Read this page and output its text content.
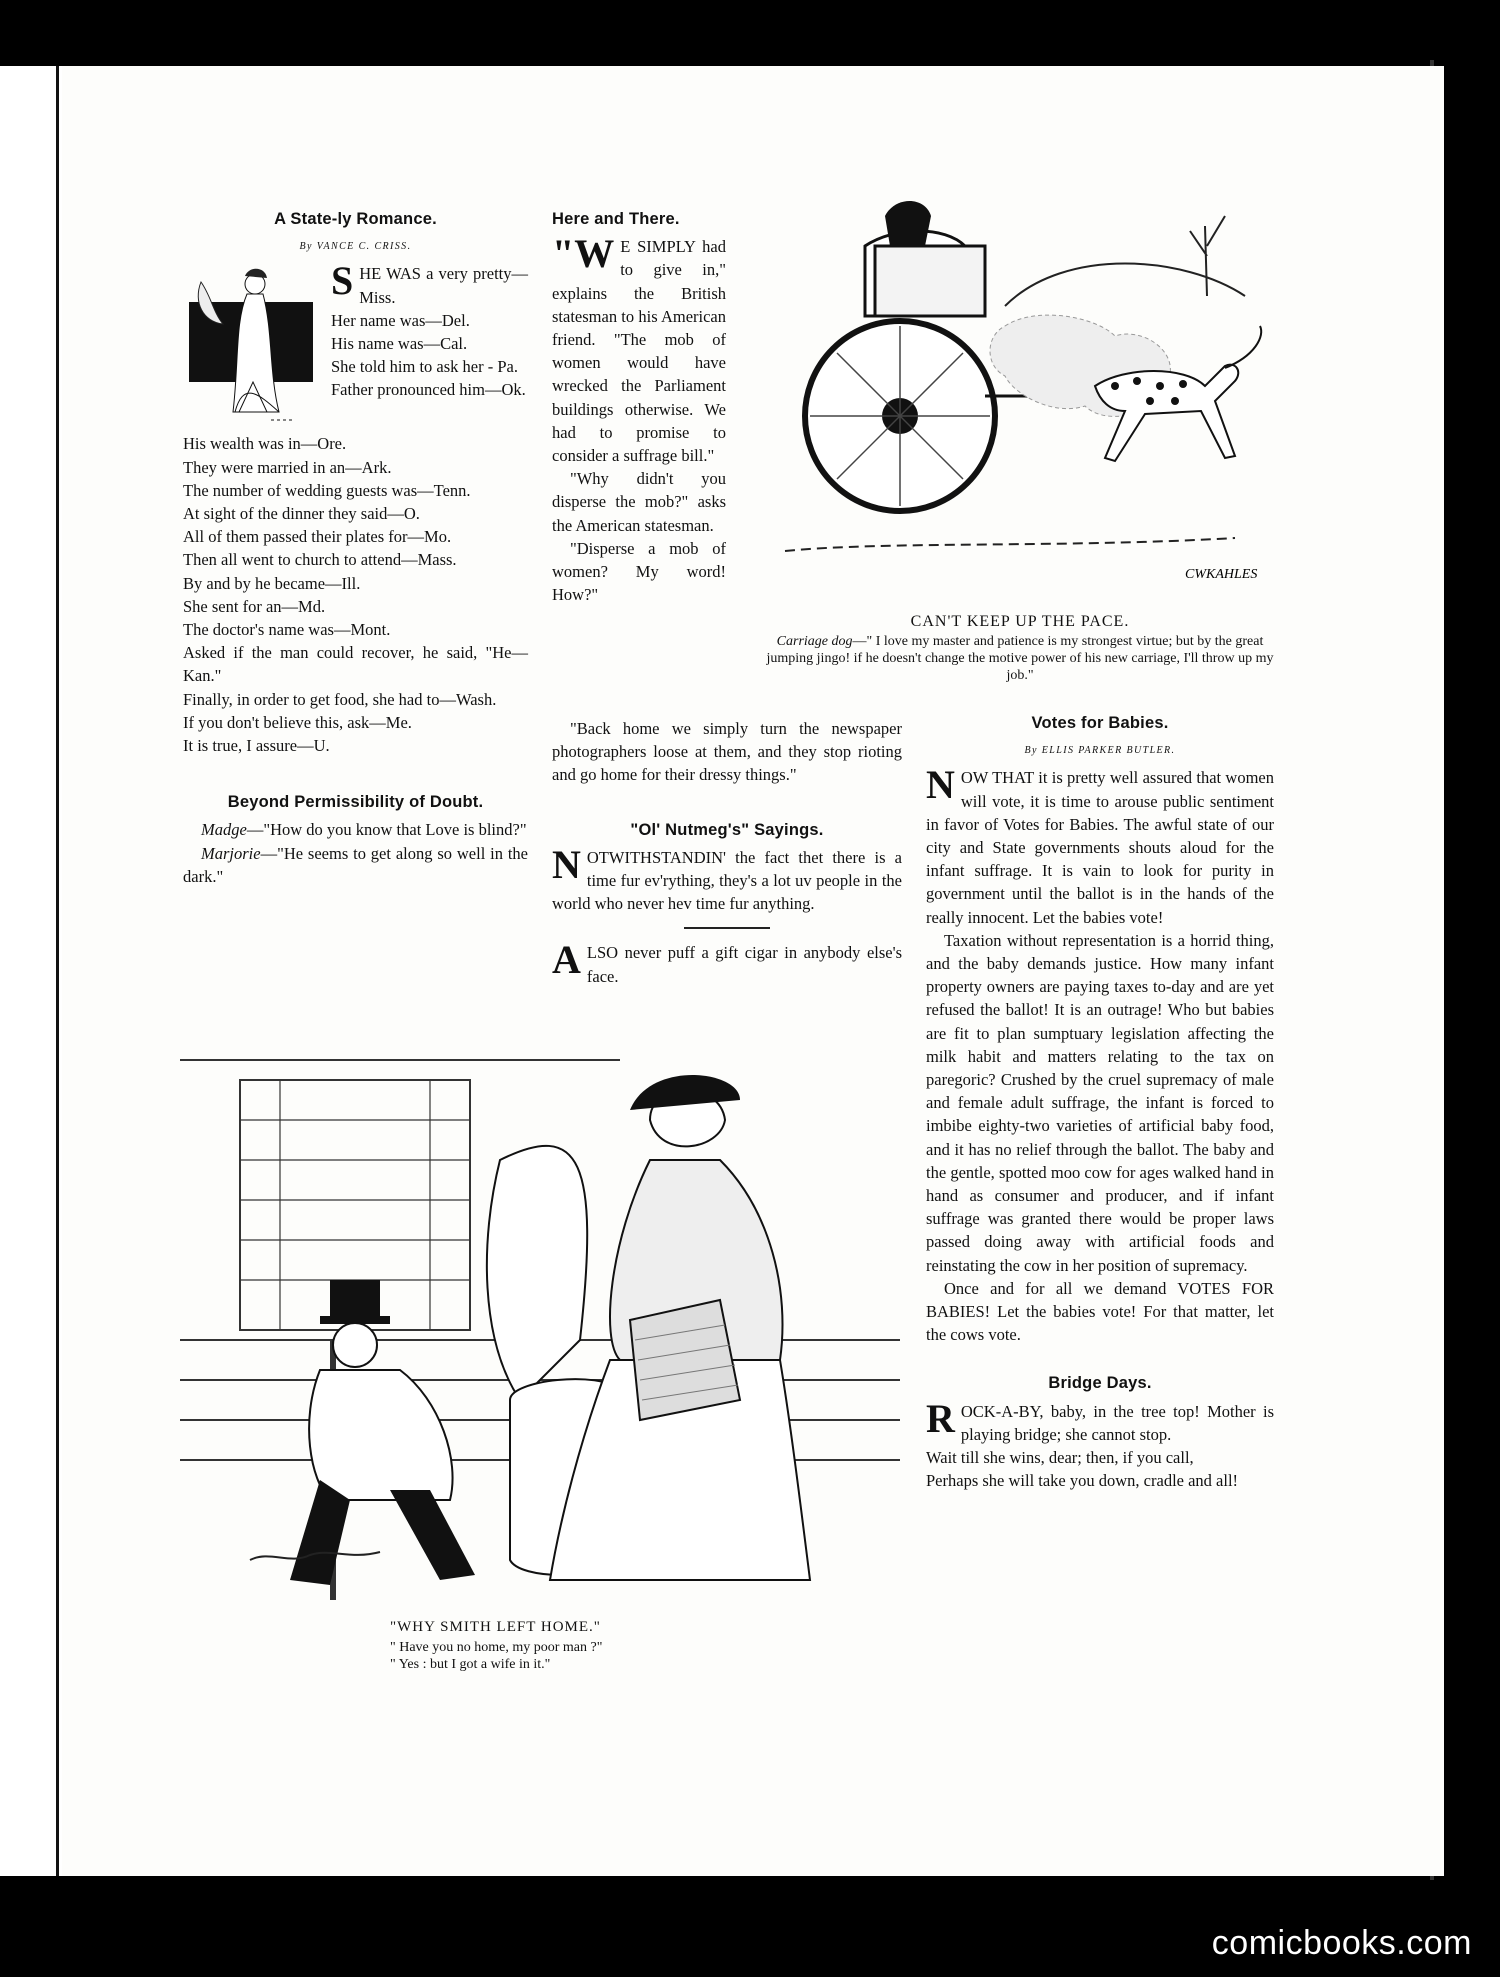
A State-ly Romance.
By VANCE C. CRISS.

SHE WAS a very pretty—Miss.

Her name was—Del.

His name was—Cal.

She told him to ask her - Pa.

Father pronounced him—Ok.

His wealth was in—Ore.

They were married in an—Ark.

The number of wedding guests was—Tenn.

At sight of the dinner they said—O.

All of them passed their plates for—Mo.

Then all went to church to attend—Mass.

By and by he became—Ill.

She sent for an—Md.

The doctor's name was—Mont.

Asked if the man could recover, he said, "He—Kan."

Finally, in order to get food, she had to—Wash.

If you don't believe this, ask—Me.

It is true, I assure—U.

Beyond Permissibility of Doubt.

Madge—"How do you know that Love is blind?"

Marjorie—"He seems to get along so well in the dark."

Here and There.

"W E SIMPLY had to give in," explains the British statesman to his American friend. "The mob of women would have wrecked the Parliament buildings otherwise. We had to promise to consider a suffrage bill."

"Why didn't you disperse the mob?" asks the American statesman.

"Disperse a mob of women? My word! How?"

"Back home we simply turn the newspaper photographers loose at them, and they stop rioting and go home for their dressy things."

"Ol' Nutmeg's" Sayings.

NOTWITHSTANDIN' the fact thet there is a time fur ev'rything, they's a lot uv people in the world who never hev time fur anything.

ALSO never puff a gift cigar in anybody else's face.

CWKAHLES
CAN'T KEEP UP THE PACE.
Carriage dog—" I love my master and patience is my strongest virtue; but by the great jumping jingo! if he doesn't change the motive power of his new carriage, I'll throw up my job."
Votes for Babies.
By ELLIS PARKER BUTLER.

NOW THAT it is pretty well assured that women will vote, it is time to arouse public sentiment in favor of Votes for Babies. The awful state of our city and State governments shouts aloud for the infant suffrage. It is vain to look for purity in government until the ballot is in the hands of the really innocent. Let the babies vote!

Taxation without representation is a horrid thing, and the baby demands justice. How many infant property owners are paying taxes to-day and are yet refused the ballot! It is an outrage! Who but babies are fit to plan sumptuary legislation affecting the milk habit and matters relating to the tax on paregoric? Crushed by the cruel supremacy of male and female adult suffrage, the infant is forced to imbibe eighty-two varieties of artificial baby food, and it has no relief through the ballot. The baby and the gentle, spotted moo cow for ages walked hand in hand as consumer and producer, and if infant suffrage was granted there would be proper laws passed doing away with artificial foods and reinstating the cow in her position of supremacy.

Once and for all we demand VOTES FOR BABIES! Let the babies vote! For that matter, let the cows vote.

Bridge Days.

ROCK-A-BY, baby, in the tree top! Mother is playing bridge; she cannot stop.

Wait till she wins, dear; then, if you call,

Perhaps she will take you down, cradle and all!

"WHY SMITH LEFT HOME."
" Have you no home, my poor man ?"
" Yes : but I got a wife in it."
comicbooks.com
